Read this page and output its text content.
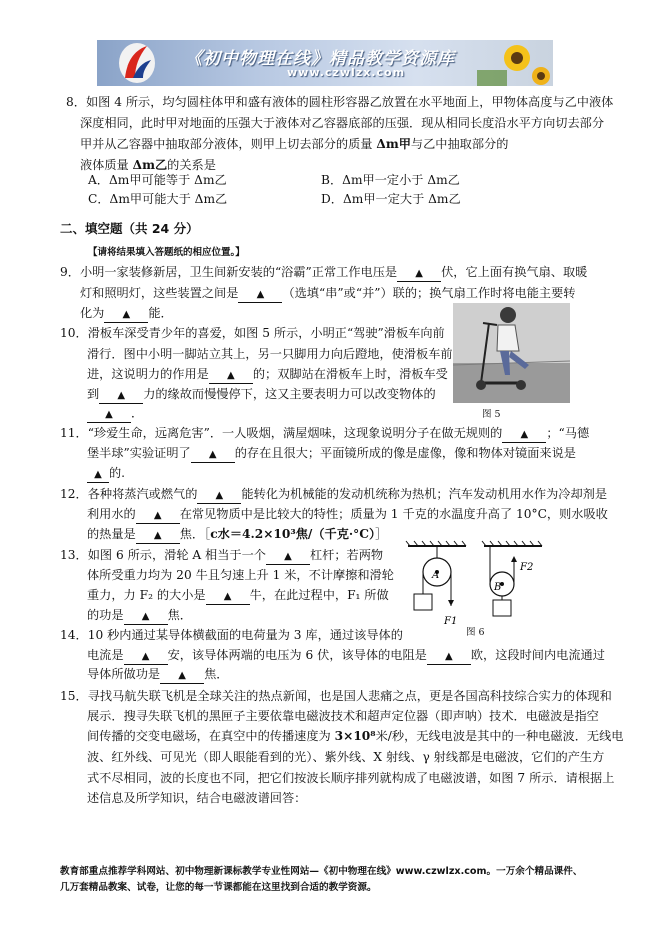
《初中物理在线》精品教学资源库
www.czwlzx.com
8．如图 4 所示，均匀圆柱体甲和盛有液体的圆柱形容器乙放置在水平地面上，甲物体高度与乙中液体
深度相同，此时甲对地面的压强大于液体对乙容器底部的压强．现从相同长度沿水平方向切去部分
甲并从乙容器中抽取部分液体，则甲上切去部分的质量 Δm甲与乙中抽取部分的
液体质量 Δm乙的关系是
A．Δm甲可能等于 Δm乙	B．Δm甲一定小于 Δm乙
C．Δm甲可能大于 Δm乙	D．Δm甲一定大于 Δm乙
二、填空题（共 24 分）
【请将结果填入答题纸的相应位置。】
9．小明一家装修新居，卫生间新安装的“浴霸”正常工作电压是 ▲ 伏，它上面有换气扇、取暖
灯和照明灯，这些装置之间是 ▲ （选填“串”或“并”）联的；换气扇工作时将电能主要转
化为 ▲ 能．
10．滑板车深受青少年的喜爱，如图 5 所示，小明正“驾驶”滑板车向前
滑行．图中小明一脚站立其上，另一只脚用力向后蹬地，使滑板车前
进，这说明力的作用是 ▲ 的；双脚站在滑板车上时，滑板车受
到 ▲ 力的缘故而慢慢停下，这又主要表明力可以改变物体的
▲ ．	图 5
11．“珍爱生命，远离危害”．一人吸烟，满屋烟味，这现象说明分子在做无规则的 ▲ ；“马德
堡半球”实验证明了 ▲ 的存在且很大；平面镜所成的像是虚像，像和物体对镜面来说是
▲ 的.
12．各种将蒸汽或燃气的 ▲ 能转化为机械能的发动机统称为热机；汽车发动机用水作为冷却剂是
利用水的 ▲ 在常见物质中是比较大的特性；质量为 1 千克的水温度升高了 10°C，则水吸收
的热量是 ▲ 焦．［c水＝4.2×10³焦/（千克·°C）］
13．如图 6 所示，滑轮 A 相当于一个 ▲ 杠杆；若两物
体所受重力均为 20 牛且匀速上升 1 米，不计摩擦和滑轮
重力，力 F₂ 的大小是 ▲ 牛，在此过程中，F₁ 所做
的功是 ▲ 焦．
A
B
F1
F2
图 6
14．10 秒内通过某导体横截面的电荷量为 3 库，通过该导体的
电流是 ▲ 安，该导体两端的电压为 6 伏，该导体的电阻是 ▲ 欧，这段时间内电流通过
导体所做功是 ▲ 焦．
15．寻找马航失联飞机是全球关注的热点新闻，也是国人悲痛之点，更是各国高科技综合实力的体现和
展示．搜寻失联飞机的黑匣子主要依靠电磁波技术和超声定位器（即声呐）技术．电磁波是指空
间传播的交变电磁场，在真空中的传播速度为 3×10⁸米/秒，无线电波是其中的一种电磁波．无线电
波、红外线、可见光（即人眼能看到的光）、紫外线、X 射线、γ 射线都是电磁波，它们的产生方
式不尽相同，波的长度也不同，把它们按波长顺序排列就构成了电磁波谱，如图 7 所示．请根据上
述信息及所学知识，结合电磁波谱回答：
教育部重点推荐学科网站、初中物理新课标教学专业性网站—《初中物理在线》www.czwlzx.com。一万余个精品课件、
几万套精品教案、试卷，让您的每一节课都能在这里找到合适的教学资源。
